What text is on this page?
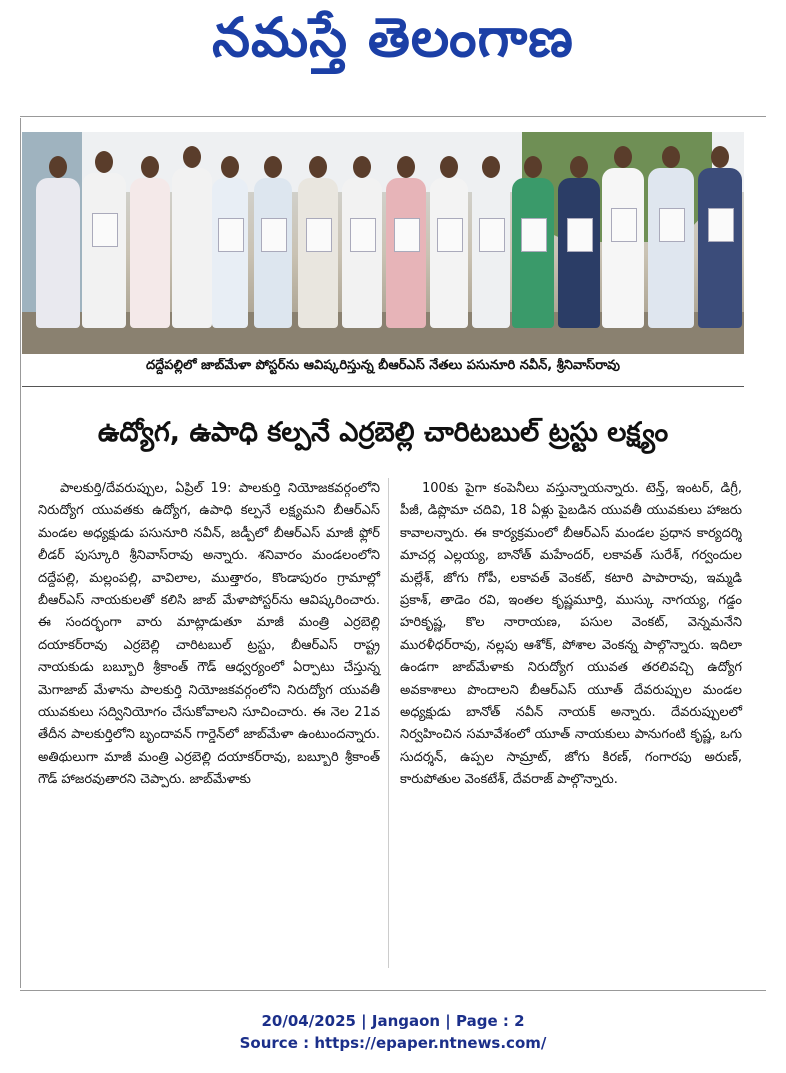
నమస్తే తెలంగాణ
దద్దేపల్లిలో జాబ్‌మేళా పోస్టర్‌ను ఆవిష్కరిస్తున్న బీఆర్‌ఎస్ నేతలు పసునూరి నవీన్, శ్రీనివాస్‌రావు
ఉద్యోగ, ఉపాధి కల్పనే ఎర్రబెల్లి చారిటబుల్ ట్రస్టు లక్ష్యం

పాలకుర్తి/దేవరుప్పుల, ఏప్రిల్ 19: పాలకుర్తి నియోజకవర్గంలోని నిరుద్యోగ యువతకు ఉద్యోగ, ఉపాధి కల్పనే లక్ష్యమని బీఆర్‌ఎస్ మండల అధ్యక్షుడు పసునూరి నవీన్, జడ్పీలో బీఆర్‌ఎస్ మాజీ ఫ్లోర్ లీడర్ పుస్కూరి శ్రీనివాస్‌రావు అన్నారు. శనివారం మండలంలోని దద్దేపల్లి, మల్లంపల్లి, వావిలాల, ముత్తారం, కొండాపురం గ్రామాల్లో బీఆర్‌ఎస్ నాయకులతో కలిసి జాబ్ మేళాపోస్టర్‌ను ఆవిష్కరించారు. ఈ సందర్భంగా వారు మాట్లాడుతూ మాజీ మంత్రి ఎర్రబెల్లి దయాకర్‌రావు ఎర్రబెల్లి చారిటబుల్ ట్రస్టు, బీఆర్‌ఎస్ రాష్ట్ర నాయకుడు బబ్బూరి శ్రీకాంత్ గౌడ్ ఆధ్వర్యంలో ఏర్పాటు చేస్తున్న మెగాజాబ్ మేళాను పాలకుర్తి నియోజకవర్గంలోని నిరుద్యోగ యువతీ యువకులు సద్వినియోగం చేసుకోవాలని సూచించారు. ఈ నెల 21వ తేదీన పాలకుర్తిలోని బృందావన్ గార్డెన్‌లో జాబ్‌మేళా ఉంటుందన్నారు. అతిథులుగా మాజీ మంత్రి ఎర్రబెల్లి దయాకర్‌రావు, బబ్బూరి శ్రీకాంత్ గౌడ్ హాజరవుతారని చెప్పారు. జాబ్‌మేళాకు

100కు పైగా కంపెనీలు వస్తున్నాయన్నారు. టెన్త్, ఇంటర్, డిగ్రీ, పీజీ, డిప్లొమా చదివి, 18 ఏళ్లు పైబడిన యువతీ యువకులు హాజరు కావాలన్నారు. ఈ కార్యక్రమంలో బీఆర్‌ఎస్ మండల ప్రధాన కార్యదర్శి మాచర్ల ఎల్లయ్య, బానోత్ మహేందర్, లకావత్ సురేశ్, గర్వందుల మల్లేశ్, జోగు గోపీ, లకావత్ వెంకట్, కటారి పాపారావు, ఇమ్మడి ప్రకాశ్, తాడెం రవి, ఇంతల కృష్ణమూర్తి, ముస్కు నాగయ్య, గడ్డం హరికృష్ణ, కొల నారాయణ, పసుల వెంకట్, వెన్నమనేని మురళీధర్‌రావు, నల్లపు ఆశోక్, పోశాల వెంకన్న పాల్గొన్నారు. ఇదిలా ఉండగా జాబ్‌మేళాకు నిరుద్యోగ యువత తరలివచ్చి ఉద్యోగ అవకాశాలు పొందాలని బీఆర్‌ఎస్ యూత్ దేవరుప్పుల మండల అధ్యక్షుడు బానోత్ నవీన్ నాయక్ అన్నారు. దేవరుప్పులలో నిర్వహించిన సమావేశంలో యూత్ నాయకులు పానుగంటి కృష్ణ, ఒగు సుదర్శన్, ఉప్పల సామ్రాట్, జోగు కిరణ్, గంగారపు అరుణ్, కారుపోతుల వెంకటేశ్, దేవరాజ్ పాల్గొన్నారు.

20/04/2025 | Jangaon | Page : 2
Source : https://epaper.ntnews.com/
